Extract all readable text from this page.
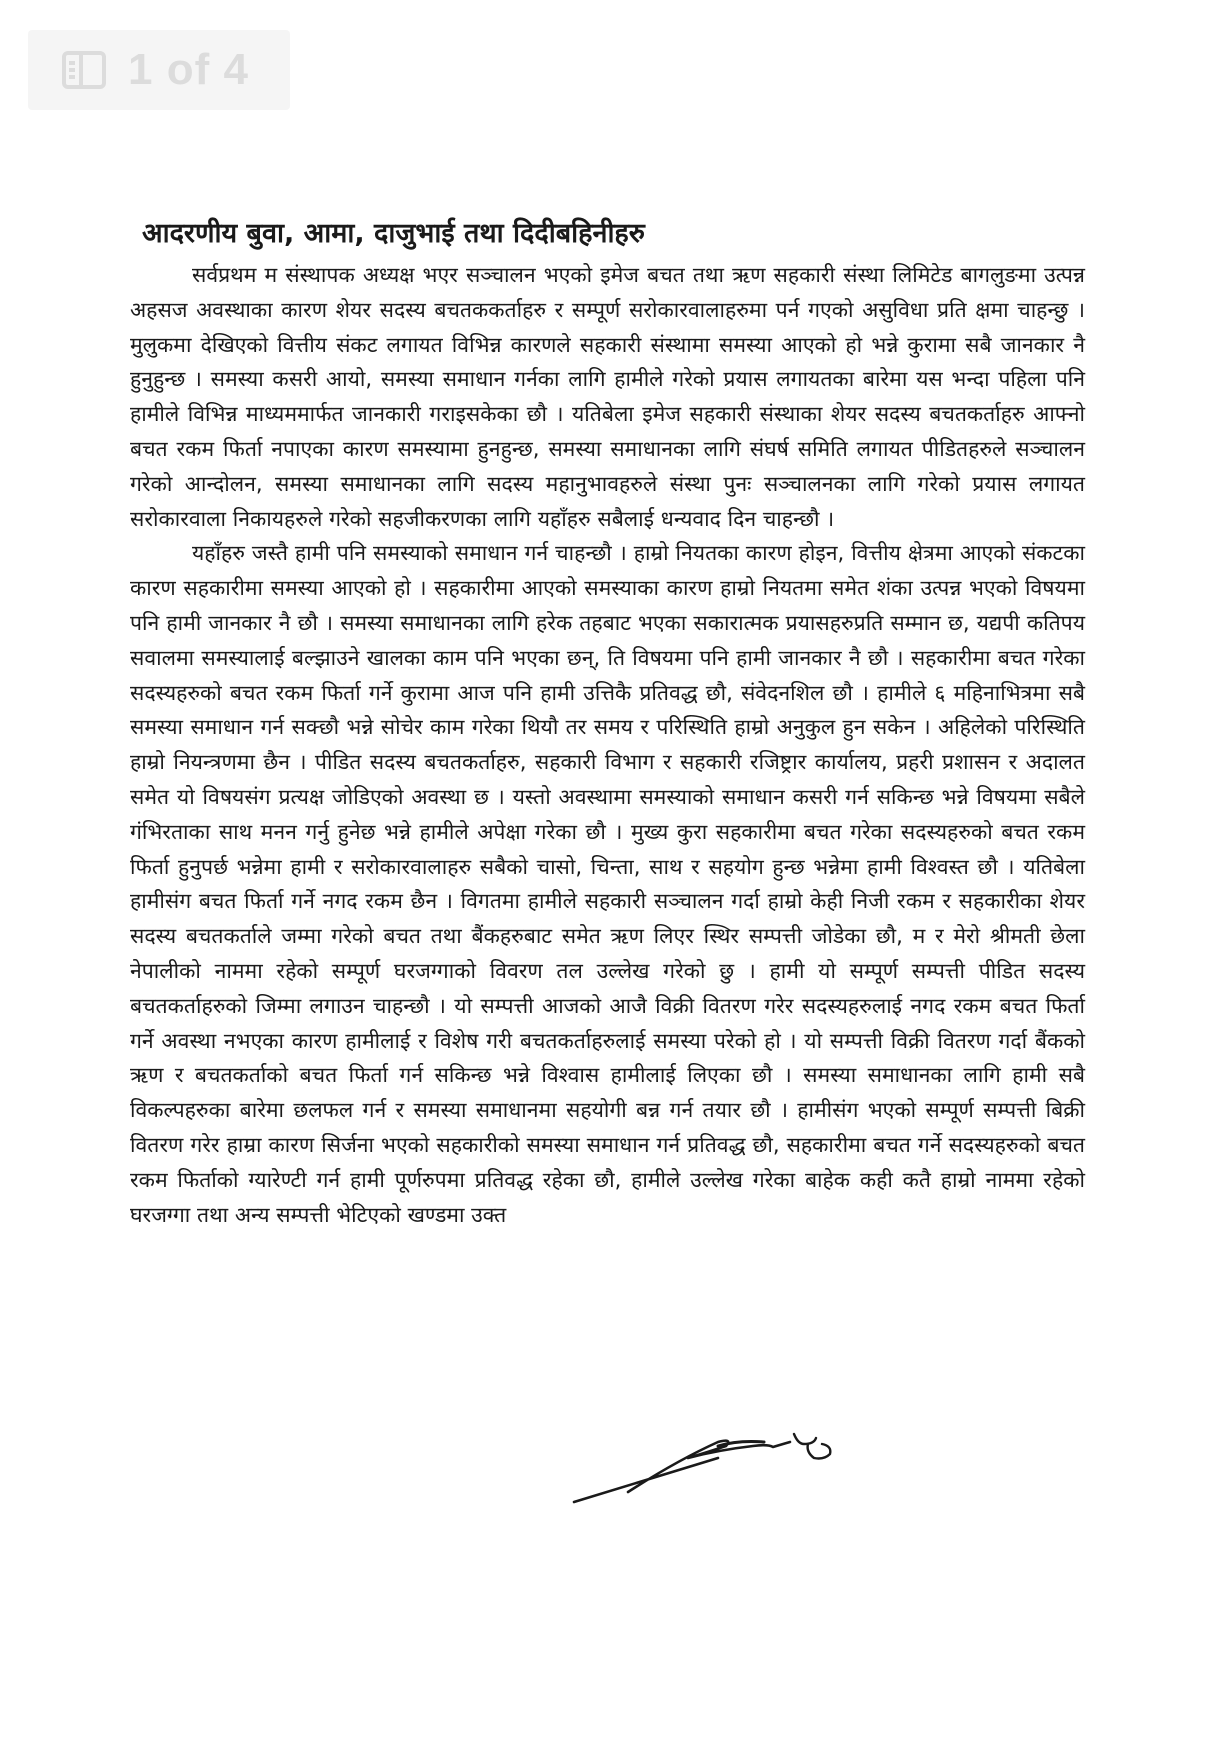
1 of 4
आदरणीय बुवा, आमा, दाजुभाई तथा दिदीबहिनीहरु

सर्वप्रथम म संस्थापक अध्यक्ष भएर सञ्चालन भएको इमेज बचत तथा ऋण सहकारी संस्था लिमिटेड बागलुङमा उत्पन्न अहसज अवस्थाका कारण शेयर सदस्य बचतककर्ताहरु र सम्पूर्ण सरोकारवालाहरुमा पर्न गएको असुविधा प्रति क्षमा चाहन्छु । मुलुकमा देखिएको वित्तीय संकट लगायत विभिन्न कारणले सहकारी संस्थामा समस्या आएको हो भन्ने कुरामा सबै जानकार नै हुनुहुन्छ । समस्या कसरी आयो, समस्या समाधान गर्नका लागि हामीले गरेको प्रयास लगायतका बारेमा यस भन्दा पहिला पनि हामीले विभिन्न माध्यममार्फत जानकारी गराइसकेका छौ । यतिबेला इमेज सहकारी संस्थाका शेयर सदस्य बचतकर्ताहरु आफ्नो बचत रकम फिर्ता नपाएका कारण समस्यामा हुनहुन्छ, समस्या समाधानका लागि संघर्ष समिति लगायत पीडितहरुले सञ्चालन गरेको आन्दोलन, समस्या समाधानका लागि सदस्य महानुभावहरुले संस्था पुनः सञ्चालनका लागि गरेको प्रयास लगायत सरोकारवाला निकायहरुले गरेको सहजीकरणका लागि यहाँहरु सबैलाई धन्यवाद दिन चाहन्छौ ।

यहाँहरु जस्तै हामी पनि समस्याको समाधान गर्न चाहन्छौ । हाम्रो नियतका कारण होइन, वित्तीय क्षेत्रमा आएको संकटका कारण सहकारीमा समस्या आएको हो । सहकारीमा आएको समस्याका कारण हाम्रो नियतमा समेत शंका उत्पन्न भएको विषयमा पनि हामी जानकार नै छौ । समस्या समाधानका लागि हरेक तहबाट भएका सकारात्मक प्रयासहरुप्रति सम्मान छ, यद्यपी कतिपय सवालमा समस्यालाई बल्झाउने खालका काम पनि भएका छन्, ति विषयमा पनि हामी जानकार नै छौ । सहकारीमा बचत गरेका सदस्यहरुको बचत रकम फिर्ता गर्ने कुरामा आज पनि हामी उत्तिकै प्रतिवद्ध छौ, संवेदनशिल छौ । हामीले ६ महिनाभित्रमा सबै समस्या समाधान गर्न सक्छौ भन्ने सोचेर काम गरेका थियौ तर समय र परिस्थिति हाम्रो अनुकुल हुन सकेन । अहिलेको परिस्थिति हाम्रो नियन्त्रणमा छैन । पीडित सदस्य बचतकर्ताहरु, सहकारी विभाग र सहकारी रजिष्ट्रार कार्यालय, प्रहरी प्रशासन र अदालत समेत यो विषयसंग प्रत्यक्ष जोडिएको अवस्था छ । यस्तो अवस्थामा समस्याको समाधान कसरी गर्न सकिन्छ भन्ने विषयमा सबैले गंभिरताका साथ मनन गर्नु हुनेछ भन्ने हामीले अपेक्षा गरेका छौ । मुख्य कुरा सहकारीमा बचत गरेका सदस्यहरुको बचत रकम फिर्ता हुनुपर्छ भन्नेमा हामी र सरोकारवालाहरु सबैको चासो, चिन्ता, साथ र सहयोग हुन्छ भन्नेमा हामी विश्वस्त छौ । यतिबेला हामीसंग बचत फिर्ता गर्ने नगद रकम छैन । विगतमा हामीले सहकारी सञ्चालन गर्दा हाम्रो केही निजी रकम र सहकारीका शेयर सदस्य बचतकर्ताले जम्मा गरेको बचत तथा बैंकहरुबाट समेत ऋण लिएर स्थिर सम्पत्ती जोडेका छौ, म र मेरो श्रीमती छेला नेपालीको नाममा रहेको सम्पूर्ण घरजग्गाको विवरण तल उल्लेख गरेको छु । हामी यो सम्पूर्ण सम्पत्ती पीडित सदस्य बचतकर्ताहरुको जिम्मा लगाउन चाहन्छौ । यो सम्पत्ती आजको आजै विक्री वितरण गरेर सदस्यहरुलाई नगद रकम बचत फिर्ता गर्ने अवस्था नभएका कारण हामीलाई र विशेष गरी बचतकर्ताहरुलाई समस्या परेको हो । यो सम्पत्ती विक्री वितरण गर्दा बैंकको ऋण र बचतकर्ताको बचत फिर्ता गर्न सकिन्छ भन्ने विश्वास हामीलाई लिएका छौ । समस्या समाधानका लागि हामी सबै विकल्पहरुका बारेमा छलफल गर्न र समस्या समाधानमा सहयोगी बन्न गर्न तयार छौ । हामीसंग भएको सम्पूर्ण सम्पत्ती बिक्री वितरण गरेर हाम्रा कारण सिर्जना भएको सहकारीको समस्या समाधान गर्न प्रतिवद्ध छौ, सहकारीमा बचत गर्ने सदस्यहरुको बचत रकम फिर्ताको ग्यारेण्टी गर्न हामी पूर्णरुपमा प्रतिवद्ध रहेका छौ, हामीले उल्लेख गरेका बाहेक कही कतै हाम्रो नाममा रहेको घरजग्गा तथा अन्य सम्पत्ती भेटिएको खण्डमा उक्त
